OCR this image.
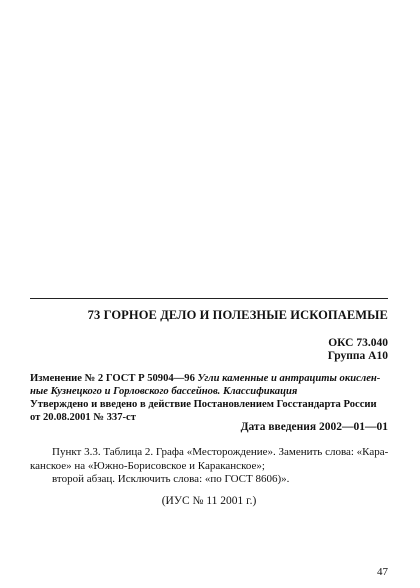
73 ГОРНОЕ ДЕЛО И ПОЛЕЗНЫЕ ИСКОПАЕМЫЕ
ОКС 73.040
Группа А10
Изменение № 2 ГОСТ Р 50904—96 Угли каменные и антрациты окислен-
ные Кузнецкого и Горловского бассейнов. Классификация
Утверждено и введено в действие Постановлением Госстандарта России
от 20.08.2001 № 337-ст
Дата введения 2002—01—01
Пункт 3.3. Таблица 2. Графа «Месторождение». Заменить слова: «Кара-
канское» на «Южно-Борисовское и Караканское»;
второй абзац. Исключить слова: «по ГОСТ 8606)».
(ИУС № 11 2001 г.)
47
